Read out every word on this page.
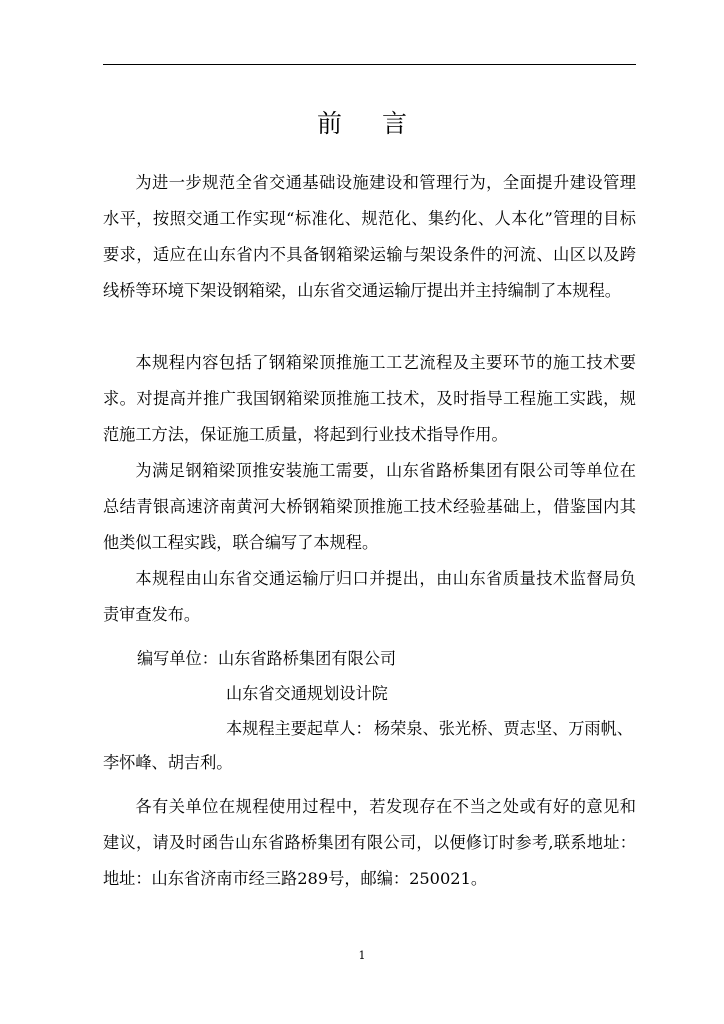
前言

为进一步规范全省交通基础设施建设和管理行为，全面提升建设管理水平，按照交通工作实现“标准化、规范化、集约化、人本化”管理的目标要求，适应在山东省内不具备钢箱梁运输与架设条件的河流、山区以及跨线桥等环境下架设钢箱梁，山东省交通运输厅提出并主持编制了本规程。

本规程内容包括了钢箱梁顶推施工工艺流程及主要环节的施工技术要求。对提高并推广我国钢箱梁顶推施工技术，及时指导工程施工实践，规范施工方法，保证施工质量，将起到行业技术指导作用。

为满足钢箱梁顶推安装施工需要，山东省路桥集团有限公司等单位在总结青银高速济南黄河大桥钢箱梁顶推施工技术经验基础上，借鉴国内其他类似工程实践，联合编写了本规程。

本规程由山东省交通运输厅归口并提出，由山东省质量技术监督局负责审查发布。

编写单位： 山东省路桥集团有限公司
山东省交通规划设计院
本规程主要起草人： 杨荣泉、张光桥、贾志坚、万雨帆、
李怀峰、胡吉利。

各有关单位在规程使用过程中，若发现存在不当之处或有好的意见和建议，请及时函告山东省路桥集团有限公司，以便修订时参考,联系地址：地址：山东省济南市经三路289号，邮编：250021。

1
